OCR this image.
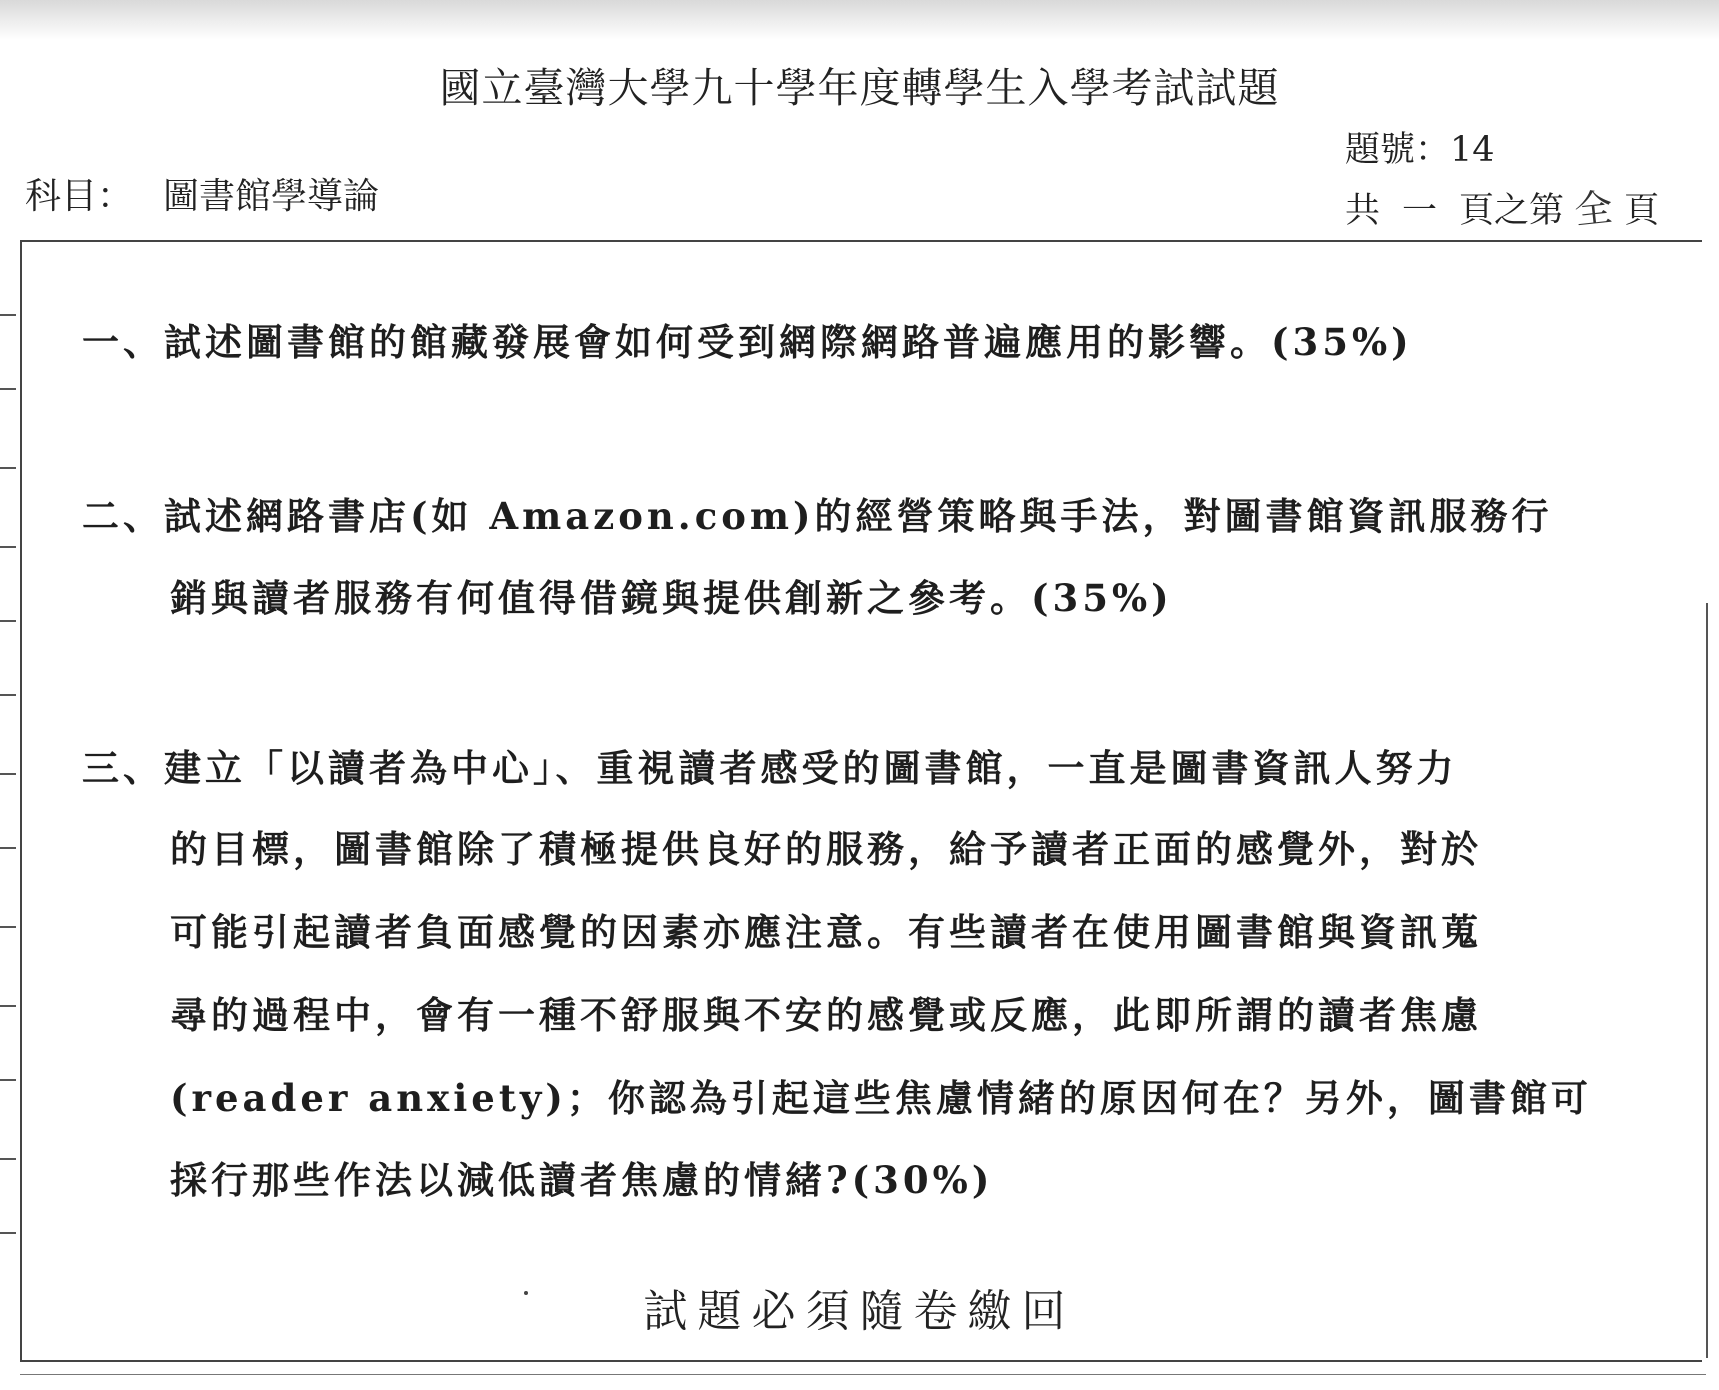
國立臺灣大學九十學年度轉學生入學考試試題
科目： 圖書館學導論
題號：14
共 一 頁之第 全 頁
一、試述圖書館的館藏發展會如何受到網際網路普遍應用的影響。(35%)
二、試述網路書店(如 Amazon.com)的經營策略與手法，對圖書館資訊服務行
銷與讀者服務有何值得借鏡與提供創新之參考。(35%)
三、建立「以讀者為中心」、重視讀者感受的圖書館，一直是圖書資訊人努力
的目標，圖書館除了積極提供良好的服務，給予讀者正面的感覺外，對於
可能引起讀者負面感覺的因素亦應注意。有些讀者在使用圖書館與資訊蒐
尋的過程中，會有一種不舒服與不安的感覺或反應，此即所謂的讀者焦慮
(reader anxiety)；你認為引起這些焦慮情緒的原因何在？另外，圖書館可
採行那些作法以減低讀者焦慮的情緒?(30%)
試題必須隨卷繳回
